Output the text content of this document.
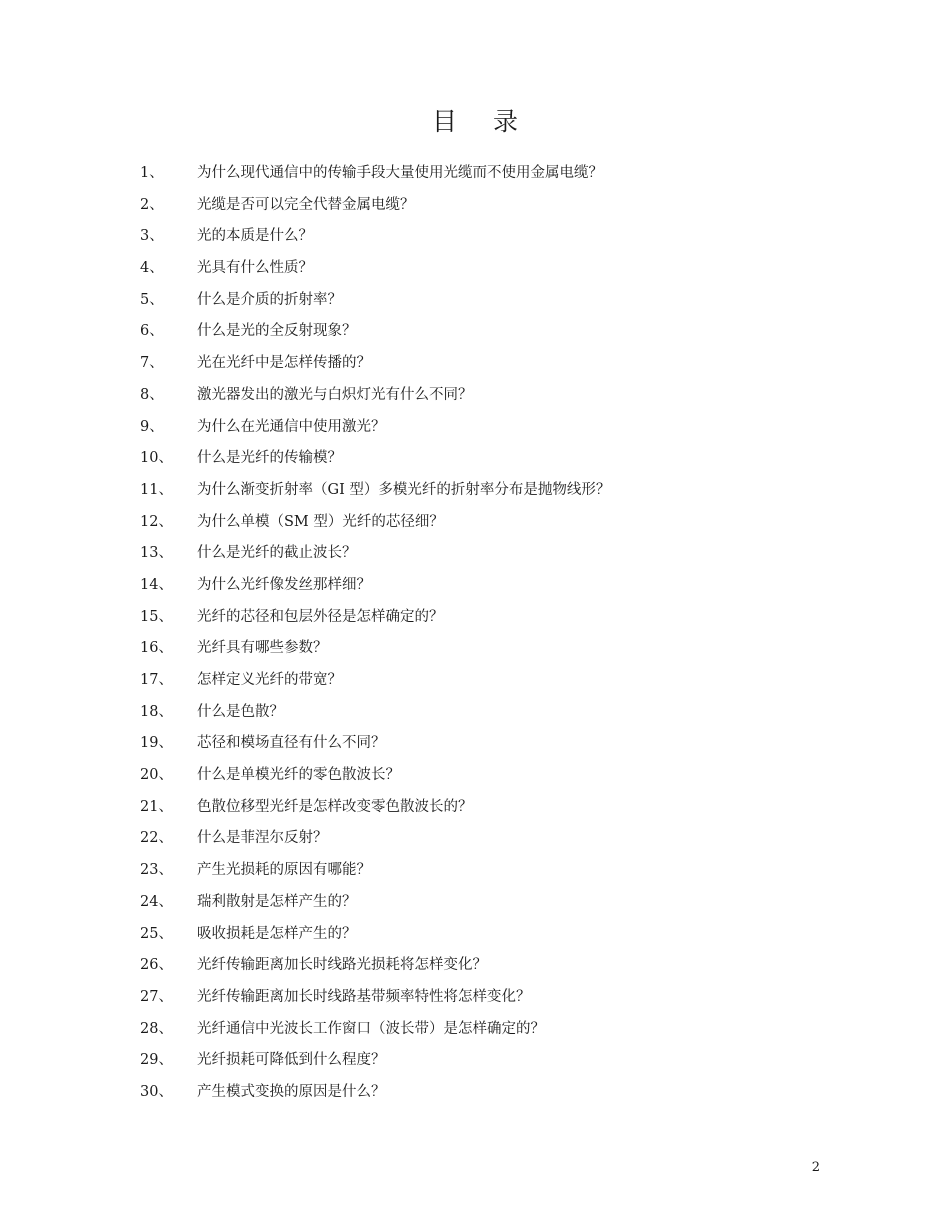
目 录
1、 为什么现代通信中的传输手段大量使用光缆而不使用金属电缆？
2、 光缆是否可以完全代替金属电缆？
3、 光的本质是什么？
4、 光具有什么性质？
5、 什么是介质的折射率？
6、 什么是光的全反射现象？
7、 光在光纤中是怎样传播的？
8、 激光器发出的激光与白炽灯光有什么不同？
9、 为什么在光通信中使用激光？
10、 什么是光纤的传输模？
11、 为什么渐变折射率（GI 型）多模光纤的折射率分布是抛物线形？
12、 为什么单模（SM 型）光纤的芯径细？
13、 什么是光纤的截止波长？
14、 为什么光纤像发丝那样细？
15、 光纤的芯径和包层外径是怎样确定的？
16、 光纤具有哪些参数？
17、 怎样定义光纤的带宽？
18、 什么是色散？
19、 芯径和模场直径有什么不同？
20、 什么是单模光纤的零色散波长？
21、 色散位移型光纤是怎样改变零色散波长的？
22、 什么是菲涅尔反射？
23、 产生光损耗的原因有哪能？
24、 瑞利散射是怎样产生的？
25、 吸收损耗是怎样产生的？
26、 光纤传输距离加长时线路光损耗将怎样变化？
27、 光纤传输距离加长时线路基带频率特性将怎样变化？
28、 光纤通信中光波长工作窗口（波长带）是怎样确定的？
29、 光纤损耗可降低到什么程度？
30、 产生模式变换的原因是什么？
2
